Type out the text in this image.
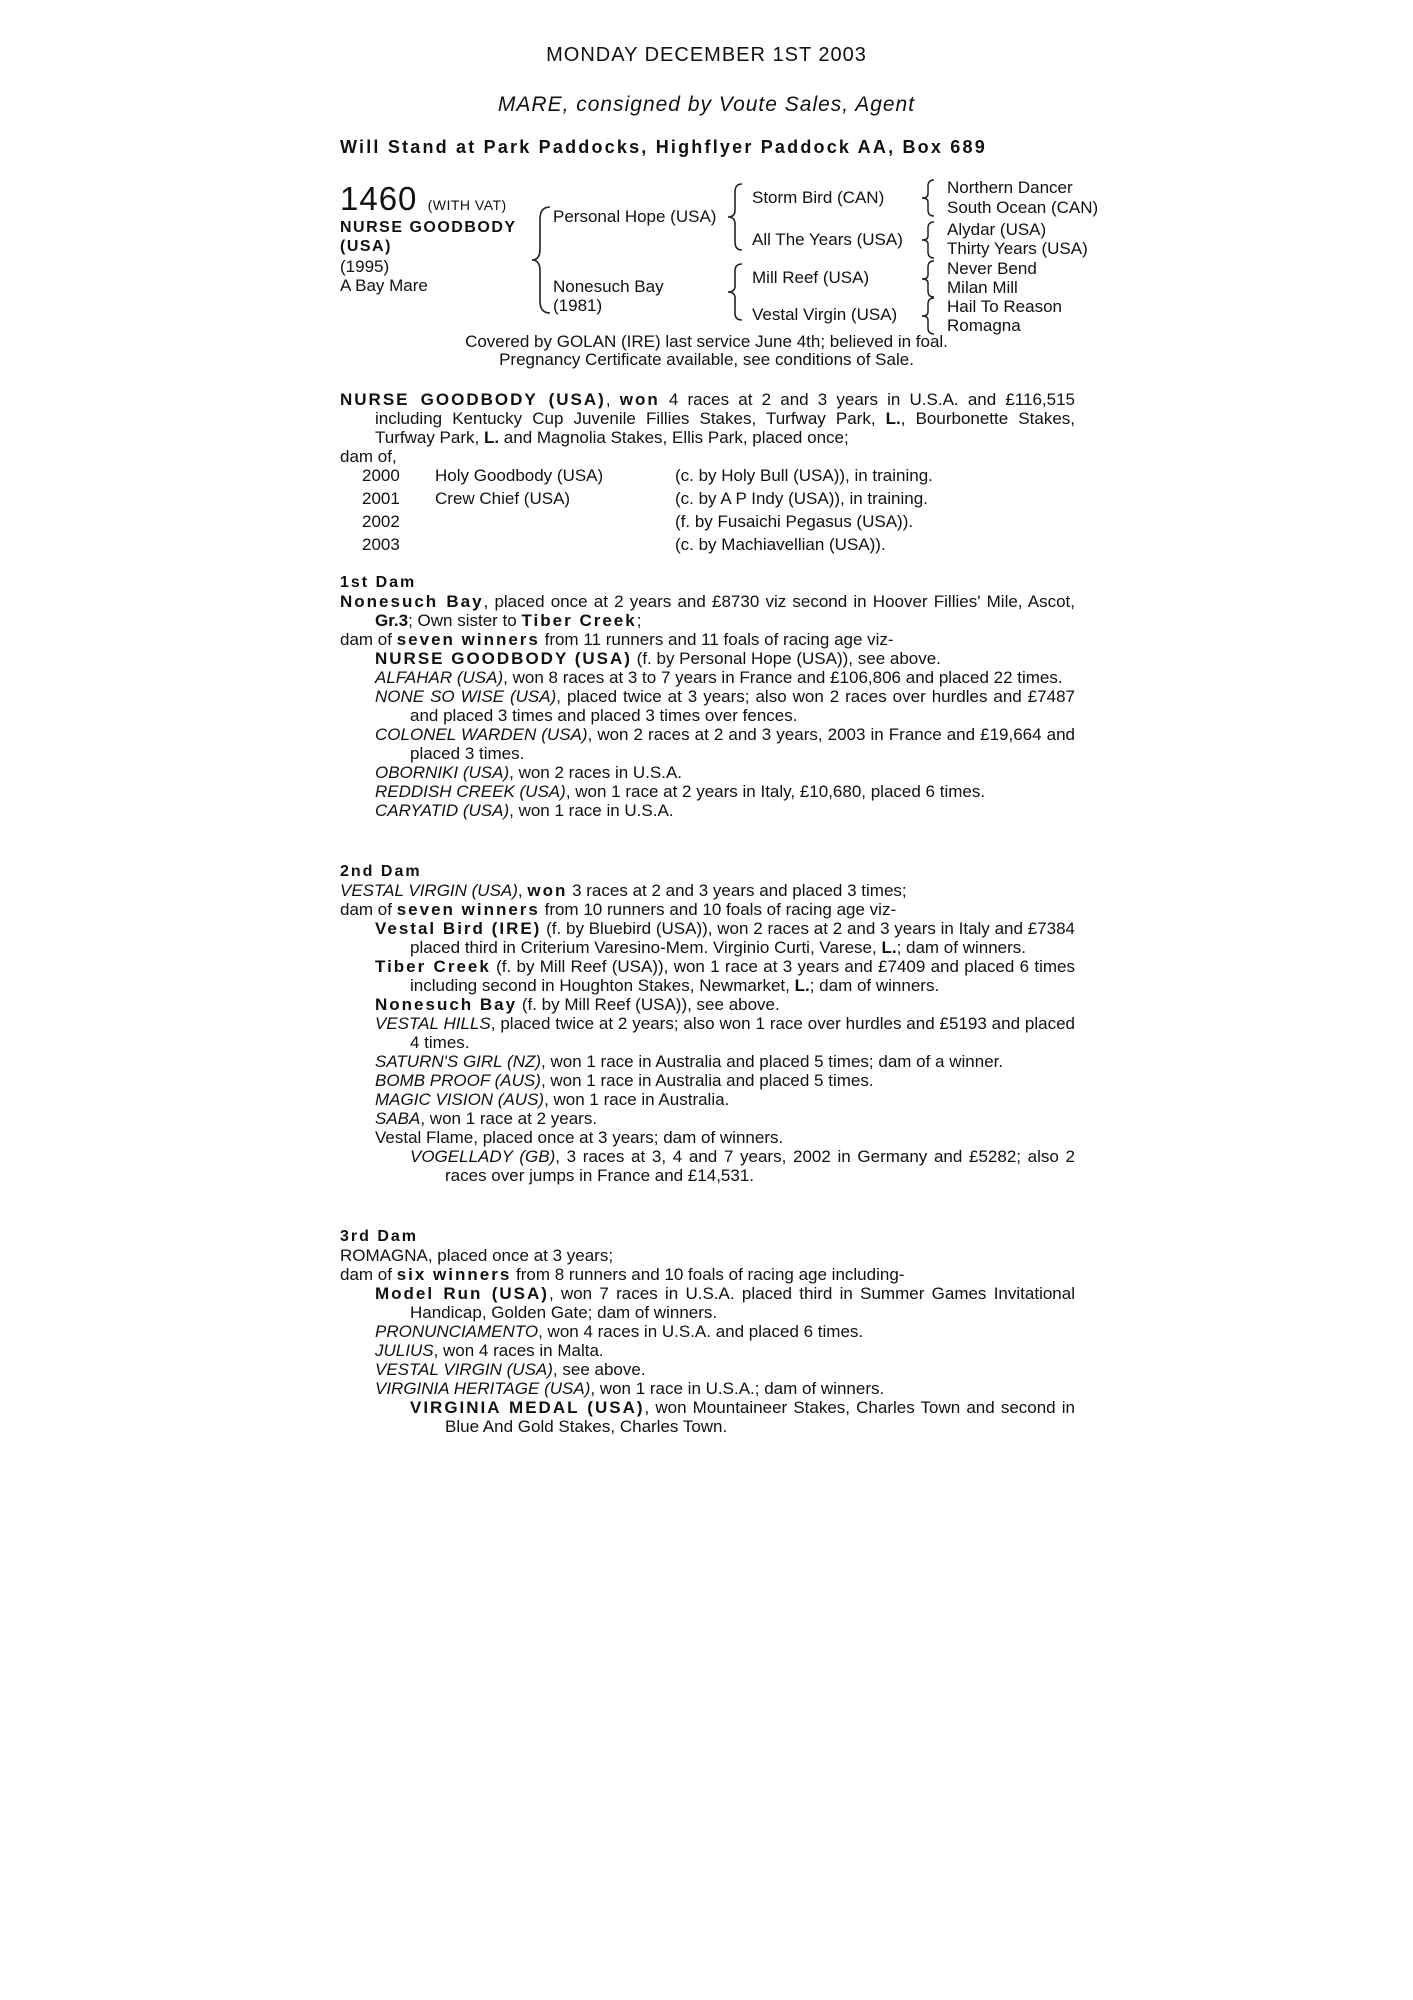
MONDAY DECEMBER 1ST 2003
MARE, consigned by Voute Sales, Agent
Will Stand at Park Paddocks, Highflyer Paddock AA, Box 689
1460 (WITH VAT)
NURSE GOODBODY
(USA)
(1995)
A Bay Mare
Personal Hope (USA)
Nonesuch Bay
(1981)
Storm Bird (CAN)
All The Years (USA)
Mill Reef (USA)
Vestal Virgin (USA)
Northern Dancer
South Ocean (CAN)
Alydar (USA)
Thirty Years (USA)
Never Bend
Milan Mill
Hail To Reason
Romagna
Covered by GOLAN (IRE) last service June 4th; believed in foal.
Pregnancy Certificate available, see conditions of Sale.

NURSE GOODBODY (USA), won 4 races at 2 and 3 years in U.S.A. and £116,515 including Kentucky Cup Juvenile Fillies Stakes, Turfway Park, L., Bourbonette Stakes, Turfway Park, L. and Magnolia Stakes, Ellis Park, placed once;

dam of,

2000
2001
2002
2003
Holy Goodbody (USA)
Crew Chief (USA)
(c. by Holy Bull (USA)), in training.
(c. by A P Indy (USA)), in training.
(f. by Fusaichi Pegasus (USA)).
(c. by Machiavellian (USA)).

1st Dam

Nonesuch Bay, placed once at 2 years and £8730 viz second in Hoover Fillies' Mile, Ascot, Gr.3; Own sister to Tiber Creek;

dam of seven winners from 11 runners and 11 foals of racing age viz-

NURSE GOODBODY (USA) (f. by Personal Hope (USA)), see above.

ALFAHAR (USA), won 8 races at 3 to 7 years in France and £106,806 and placed 22 times.

NONE SO WISE (USA), placed twice at 3 years; also won 2 races over hurdles and £7487 and placed 3 times and placed 3 times over fences.

COLONEL WARDEN (USA), won 2 races at 2 and 3 years, 2003 in France and £19,664 and placed 3 times.

OBORNIKI (USA), won 2 races in U.S.A.

REDDISH CREEK (USA), won 1 race at 2 years in Italy, £10,680, placed 6 times.

CARYATID (USA), won 1 race in U.S.A.

2nd Dam

VESTAL VIRGIN (USA), won 3 races at 2 and 3 years and placed 3 times;

dam of seven winners from 10 runners and 10 foals of racing age viz-

Vestal Bird (IRE) (f. by Bluebird (USA)), won 2 races at 2 and 3 years in Italy and £7384 placed third in Criterium Varesino-Mem. Virginio Curti, Varese, L.; dam of winners.

Tiber Creek (f. by Mill Reef (USA)), won 1 race at 3 years and £7409 and placed 6 times including second in Houghton Stakes, Newmarket, L.; dam of winners.

Nonesuch Bay (f. by Mill Reef (USA)), see above.

VESTAL HILLS, placed twice at 2 years; also won 1 race over hurdles and £5193 and placed 4 times.

SATURN'S GIRL (NZ), won 1 race in Australia and placed 5 times; dam of a winner.

BOMB PROOF (AUS), won 1 race in Australia and placed 5 times.

MAGIC VISION (AUS), won 1 race in Australia.

SABA, won 1 race at 2 years.

Vestal Flame, placed once at 3 years; dam of winners.

VOGELLADY (GB), 3 races at 3, 4 and 7 years, 2002 in Germany and £5282; also 2 races over jumps in France and £14,531.

3rd Dam

ROMAGNA, placed once at 3 years;

dam of six winners from 8 runners and 10 foals of racing age including-

Model Run (USA), won 7 races in U.S.A. placed third in Summer Games Invitational Handicap, Golden Gate; dam of winners.

PRONUNCIAMENTO, won 4 races in U.S.A. and placed 6 times.

JULIUS, won 4 races in Malta.

VESTAL VIRGIN (USA), see above.

VIRGINIA HERITAGE (USA), won 1 race in U.S.A.; dam of winners.

VIRGINIA MEDAL (USA), won Mountaineer Stakes, Charles Town and second in Blue And Gold Stakes, Charles Town.
